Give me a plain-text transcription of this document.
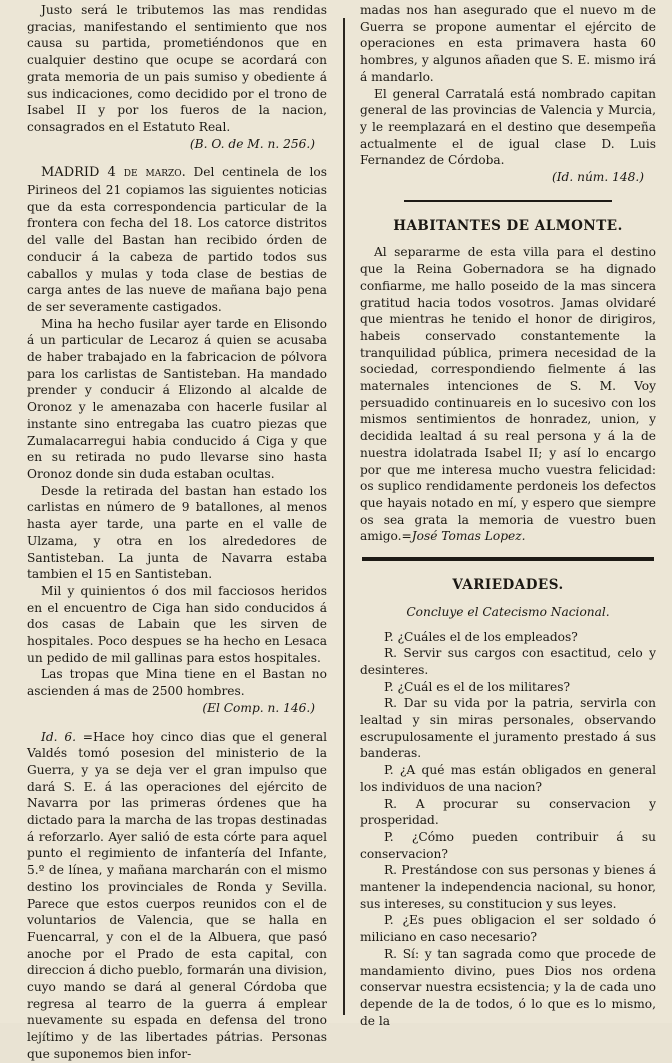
Justo será le tributemos las mas rendidas gracias, manifestando el sentimiento que nos causa su partida, prometiéndonos que en cualquier destino que ocupe se acordará con grata memoria de un pais sumiso y obediente á sus indicaciones, como decidido por el trono de Isabel II y por los fueros de la nacion, consagrados en el Estatuto Real.

(B. O. de M. n. 256.)

MADRID 4 de marzo. Del centinela de los Pirineos del 21 copiamos las siguientes noticias que da esta correspondencia particular de la frontera con fecha del 18. Los catorce distritos del valle del Bastan han recibido órden de conducir á la cabeza de partido todos sus caballos y mulas y toda clase de bestias de carga antes de las nueve de mañana bajo pena de ser severamente castigados.

Mina ha hecho fusilar ayer tarde en Elisondo á un particular de Lecaroz á quien se acusaba de haber trabajado en la fabricacion de pólvora para los carlistas de Santisteban. Ha mandado prender y conducir á Elizondo al alcalde de Oronoz y le amenazaba con hacerle fusilar al instante sino entregaba las cuatro piezas que Zumalacarregui habia conducido á Ciga y que en su retirada no pudo llevarse sino hasta Oronoz donde sin duda estaban ocultas.

Desde la retirada del bastan han estado los carlistas en número de 9 batallones, al menos hasta ayer tarde, una parte en el valle de Ulzama, y otra en los alrededores de Santisteban. La junta de Navarra estaba tambien el 15 en Santisteban.

Mil y quinientos ó dos mil facciosos heridos en el encuentro de Ciga han sido conducidos á dos casas de Labain que les sirven de hospitales. Poco despues se ha hecho en Lesaca un pedido de mil gallinas para estos hospitales.

Las tropas que Mina tiene en el Bastan no ascienden á mas de 2500 hombres.

(El Comp. n. 146.)

Id. 6. =Hace hoy cinco dias que el general Valdés tomó posesion del ministerio de la Guerra, y ya se deja ver el gran impulso que dará S. E. á las operaciones del ejército de Navarra por las primeras órdenes que ha dictado para la marcha de las tropas destinadas á reforzarlo. Ayer salió de esta córte para aquel punto el regimiento de infantería del Infante, 5.º de línea, y mañana marcharán con el mismo destino los provinciales de Ronda y Sevilla. Parece que estos cuerpos reunidos con el de voluntarios de Valencia, que se halla en Fuencarral, y con el de la Albuera, que pasó anoche por el Prado de esta capital, con direccion á dicho pueblo, formarán una division, cuyo mando se dará al general Córdoba que regresa al tearro de la guerra á emplear nuevamente su espada en defensa del trono lejítimo y de las libertades pátrias. Personas que suponemos bien infor-

madas nos han asegurado que el nuevo m de Guerra se propone aumentar el ejército de operaciones en esta primavera hasta 60 hombres, y algunos añaden que S. E. mismo irá á mandarlo.

El general Carratalá está nombrado capitan general de las provincias de Valencia y Murcia, y le reemplazará en el destino que desempeña actualmente el de igual clase D. Luis Fernandez de Córdoba.

(Id. núm. 148.)

HABITANTES DE ALMONTE.

Al separarme de esta villa para el destino que la Reina Gobernadora se ha dignado confiarme, me hallo poseido de la mas sincera gratitud hacia todos vosotros. Jamas olvidaré que mientras he tenido el honor de dirigiros, habeis conservado constantemente la tranquilidad pública, primera necesidad de la sociedad, correspondiendo fielmente á las maternales intenciones de S. M. Voy persuadido continuareis en lo sucesivo con los mismos sentimientos de honradez, union, y decidida lealtad á su real persona y á la de nuestra idolatrada Isabel II; y así lo encargo por que me interesa mucho vuestra felicidad: os suplico rendidamente perdoneis los defectos que hayais notado en mí, y espero que siempre os sea grata la memoria de vuestro buen amigo.=José Tomas Lopez.

VARIEDADES.
Concluye el Catecismo Nacional.

P. ¿Cuáles el de los empleados?

R. Servir sus cargos con esactitud, celo y desinteres.

P. ¿Cuál es el de los militares?

R. Dar su vida por la patria, servirla con lealtad y sin miras personales, observando escrupulosamente el juramento prestado á sus banderas.

P. ¿A qué mas están obligados en general los individuos de una nacion?

R. A procurar su conservacion y prosperidad.

P. ¿Cómo pueden contribuir á su conservacion?

R. Prestándose con sus personas y bienes á mantener la independencia nacional, su honor, sus intereses, su constitucion y sus leyes.

P. ¿Es pues obligacion el ser soldado ó miliciano en caso necesario?

R. Sí: y tan sagrada como que procede de mandamiento divino, pues Dios nos ordena conservar nuestra ecsistencia; y la de cada uno depende de la de todos, ó lo que es lo mismo, de la
